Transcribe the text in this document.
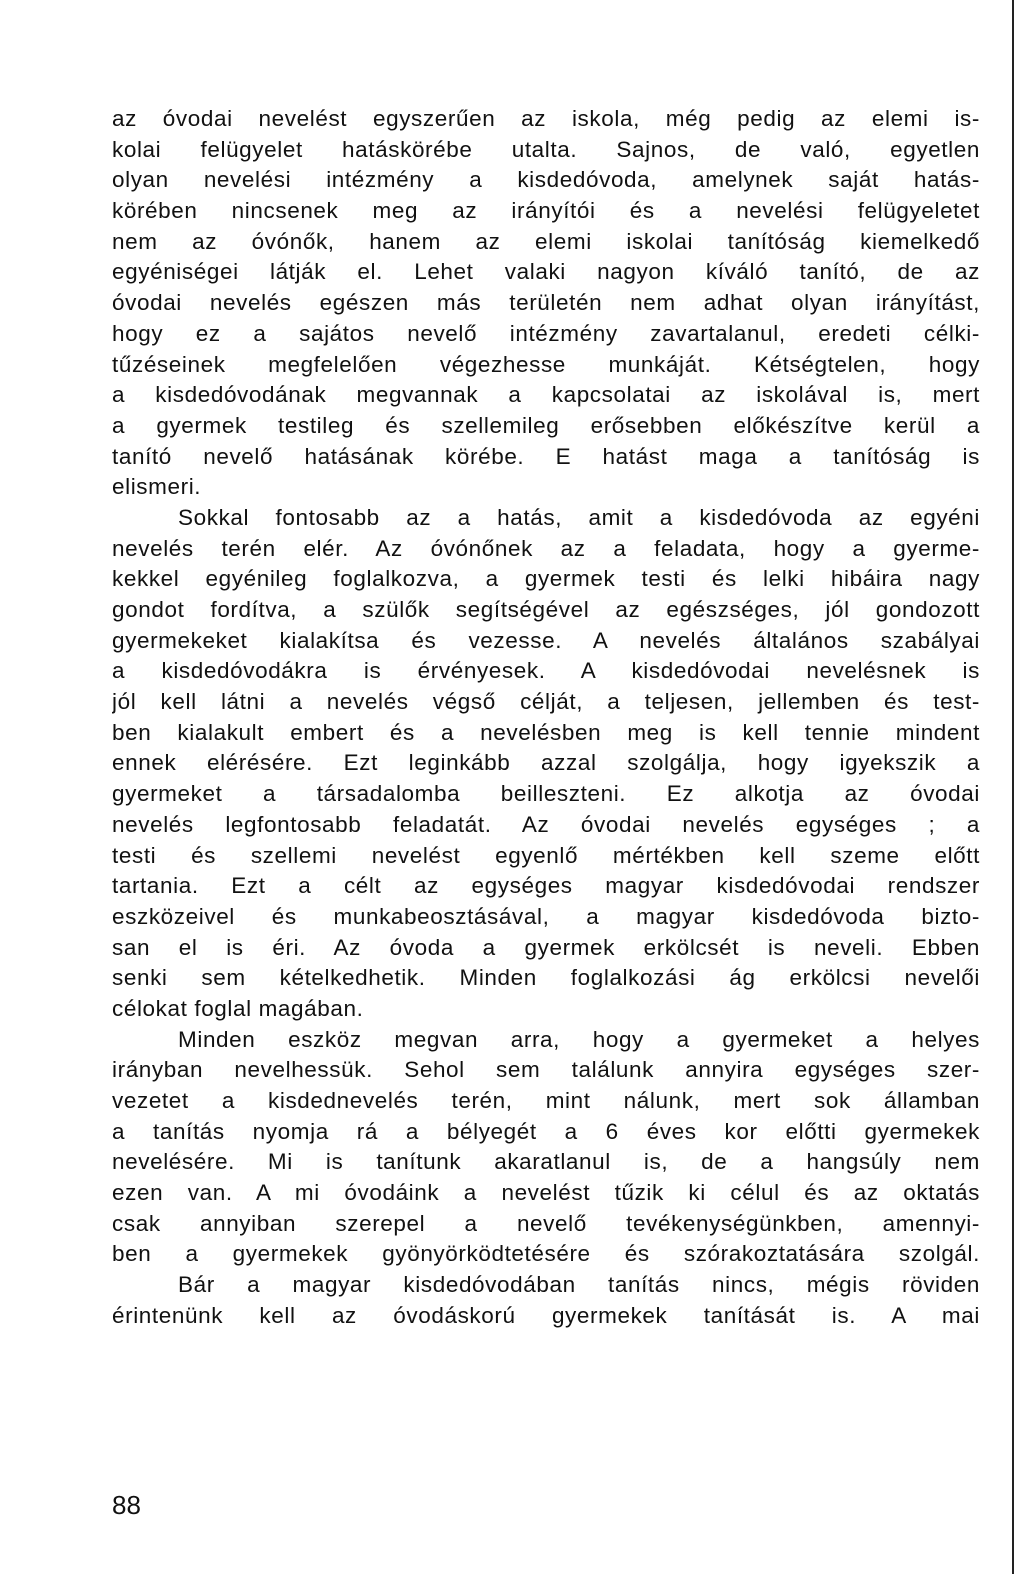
az óvodai nevelést egyszerűen az iskola, még pedig az elemi is-
kolai felügyelet hatáskörébe utalta. Sajnos, de való, egyetlen
olyan nevelési intézmény a kisdedóvoda, amelynek saját hatás-
körében nincsenek meg az irányítói és a nevelési felügyeletet
nem az óvónők, hanem az elemi iskolai tanítóság kiemelkedő
egyéniségei látják el. Lehet valaki nagyon kíváló tanító, de az
óvodai nevelés egészen más területén nem adhat olyan irányítást,
hogy ez a sajátos nevelő intézmény zavartalanul, eredeti célki-
tűzéseinek megfelelően végezhesse munkáját. Kétségtelen, hogy
a kisdedóvodának megvannak a kapcsolatai az iskolával is, mert
a gyermek testileg és szellemileg erősebben előkészítve kerül a
tanító nevelő hatásának körébe. E hatást maga a tanítóság is
elismeri.
Sokkal fontosabb az a hatás, amit a kisdedóvoda az egyéni
nevelés terén elér. Az óvónőnek az a feladata, hogy a gyerme-
kekkel egyénileg foglalkozva, a gyermek testi és lelki hibáira nagy
gondot fordítva, a szülők segítségével az egészséges, jól gondozott
gyermekeket kialakítsa és vezesse. A nevelés általános szabályai
a kisdedóvodákra is érvényesek. A kisdedóvodai nevelésnek is
jól kell látni a nevelés végső célját, a teljesen, jellemben és test-
ben kialakult embert és a nevelésben meg is kell tennie mindent
ennek elérésére. Ezt leginkább azzal szolgálja, hogy igyekszik a
gyermeket a társadalomba beilleszteni. Ez alkotja az óvodai
nevelés legfontosabb feladatát. Az óvodai nevelés egységes ; a
testi és szellemi nevelést egyenlő mértékben kell szeme előtt
tartania. Ezt a célt az egységes magyar kisdedóvodai rendszer
eszközeivel és munkabeosztásával, a magyar kisdedóvoda bizto-
san el is éri. Az óvoda a gyermek erkölcsét is neveli. Ebben
senki sem kételkedhetik. Minden foglalkozási ág erkölcsi nevelői
célokat foglal magában.
Minden eszköz megvan arra, hogy a gyermeket a helyes
irányban nevelhessük. Sehol sem találunk annyira egységes szer-
vezetet a kisdednevelés terén, mint nálunk, mert sok államban
a tanítás nyomja rá a bélyegét a 6 éves kor előtti gyermekek
nevelésére. Mi is tanítunk akaratlanul is, de a hangsúly nem
ezen van. A mi óvodáink a nevelést tűzik ki célul és az oktatás
csak annyiban szerepel a nevelő tevékenységünkben, amennyi-
ben a gyermekek gyönyörködtetésére és szórakoztatására szolgál.
Bár a magyar kisdedóvodában tanítás nincs, mégis röviden
érintenünk kell az óvodáskorú gyermekek tanítását is. A mai
88
